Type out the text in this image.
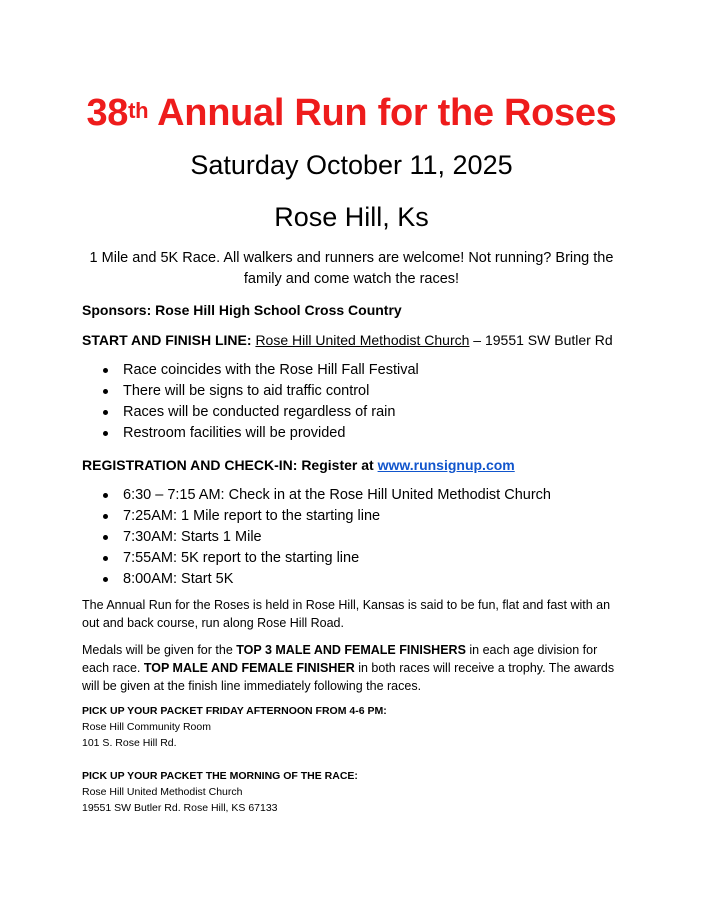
38th Annual Run for the Roses
Saturday October 11, 2025
Rose Hill, Ks
1 Mile and 5K Race. All walkers and runners are welcome! Not running? Bring the family and come watch the races!
Sponsors: Rose Hill High School Cross Country
START AND FINISH LINE: Rose Hill United Methodist Church – 19551 SW Butler Rd
Race coincides with the Rose Hill Fall Festival
There will be signs to aid traffic control
Races will be conducted regardless of rain
Restroom facilities will be provided
REGISTRATION AND CHECK-IN: Register at www.runsignup.com
6:30 – 7:15 AM: Check in at the Rose Hill United Methodist Church
7:25AM: 1 Mile report to the starting line
7:30AM: Starts 1 Mile
7:55AM: 5K report to the starting line
8:00AM: Start 5K
The Annual Run for the Roses is held in Rose Hill, Kansas is said to be fun, flat and fast with an out and back course, run along Rose Hill Road.
Medals will be given for the TOP 3 MALE AND FEMALE FINISHERS in each age division for each race. TOP MALE AND FEMALE FINISHER in both races will receive a trophy. The awards will be given at the finish line immediately following the races.
PICK UP YOUR PACKET FRIDAY AFTERNOON FROM 4-6 PM:
Rose Hill Community Room
101 S. Rose Hill Rd.
PICK UP YOUR PACKET THE MORNING OF THE RACE:
Rose Hill United Methodist Church
19551 SW Butler Rd. Rose Hill, KS 67133
